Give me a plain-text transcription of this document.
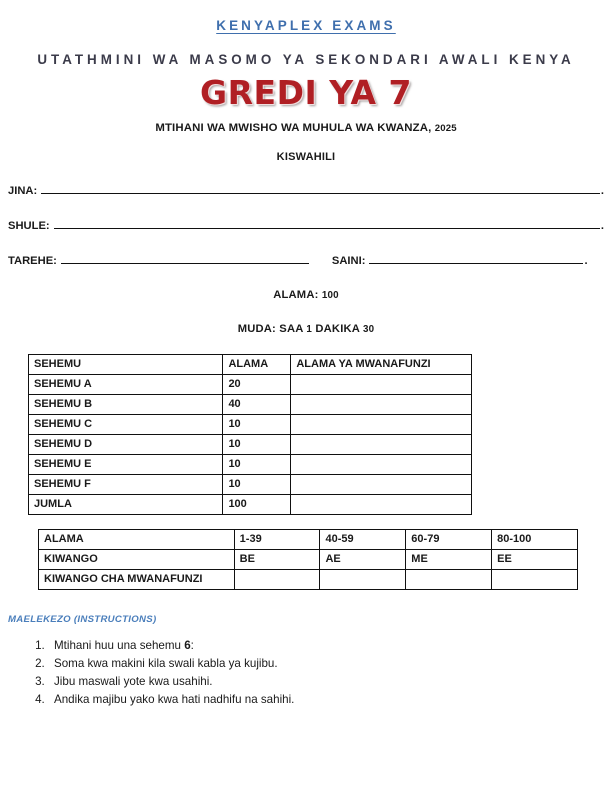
KENYAPLEX EXAMS
UTATHMINI WA MASOMO YA SEKONDARI AWALI KENYA
GREDI YA 7
MTIHANI WA MWISHO WA MUHULA WA KWANZA, 2025
KISWAHILI
JINA:	.
SHULE:	.
TAREHE:	SAINI:	.
ALAMA: 100
MUDA: SAA 1 DAKIKA 30
SEHEMU	ALAMA	ALAMA YA MWANAFUNZI
SEHEMU A	20	
SEHEMU B	40	
SEHEMU C	10	
SEHEMU D	10	
SEHEMU E	10	
SEHEMU F	10	
JUMLA	100	
ALAMA	1-39	40-59	60-79	80-100
KIWANGO	BE	AE	ME	EE
KIWANGO CHA MWANAFUNZI				
MAELEKEZO (INSTRUCTIONS)
1. Mtihani huu una sehemu 6:
2. Soma kwa makini kila swali kabla ya kujibu.
3. Jibu maswali yote kwa usahihi.
4. Andika majibu yako kwa hati nadhifu na sahihi.
